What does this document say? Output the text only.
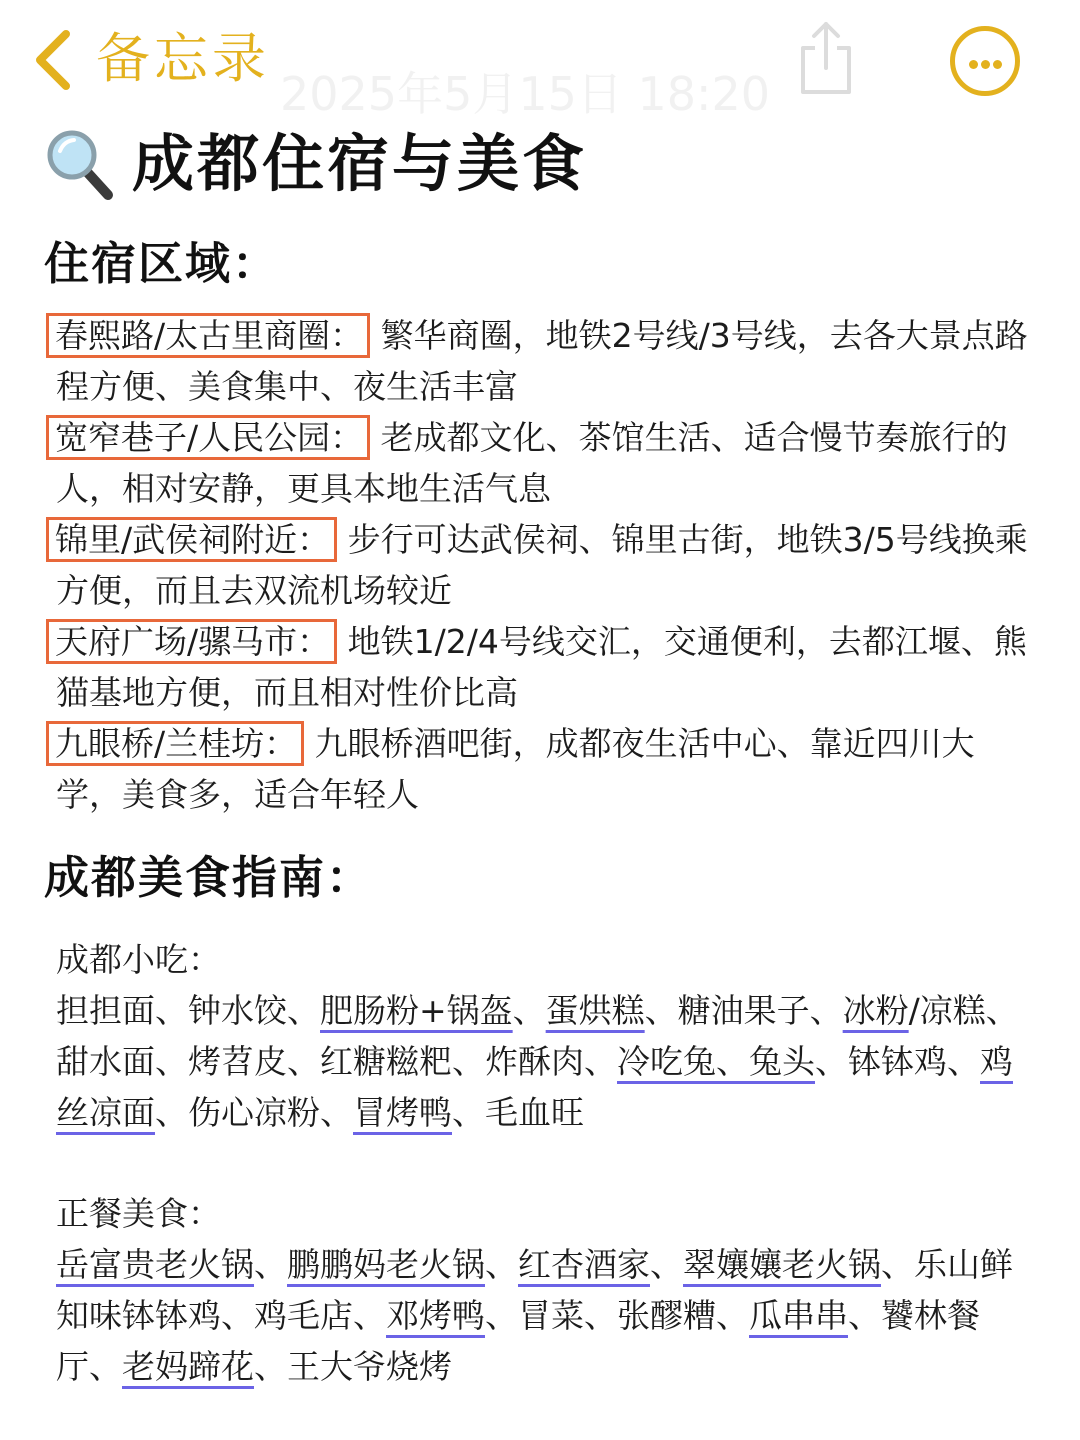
备忘录
2025年5月15日 18:20
成都住宿与美食
住宿区域：
春熙路/太古里商圈： 繁华商圈，地铁2号线/3号线，去各大景点路程方便、美食集中、夜生活丰富
宽窄巷子/人民公园： 老成都文化、茶馆生活、适合慢节奏旅行的人，相对安静，更具本地生活气息
锦里/武侯祠附近： 步行可达武侯祠、锦里古街，地铁3/5号线换乘方便，而且去双流机场较近
天府广场/骡马市： 地铁1/2/4号线交汇，交通便利，去都江堰、熊猫基地方便，而且相对性价比高
九眼桥/兰桂坊： 九眼桥酒吧街，成都夜生活中心、靠近四川大学，美食多，适合年轻人
成都美食指南：
成都小吃：
担担面、钟水饺、肥肠粉+锅盔、蛋烘糕、糖油果子、冰粉/凉糕、甜水面、烤苕皮、红糖糍粑、炸酥肉、冷吃兔、兔头、钵钵鸡、鸡丝凉面、伤心凉粉、冒烤鸭、毛血旺
正餐美食：
岳富贵老火锅、鹏鹏妈老火锅、红杏酒家、翠孃孃老火锅、乐山鲜知味钵钵鸡、鸡毛店、邓烤鸭、冒菜、张醪糟、瓜串串、饕林餐厅、老妈蹄花、王大爷烧烤
